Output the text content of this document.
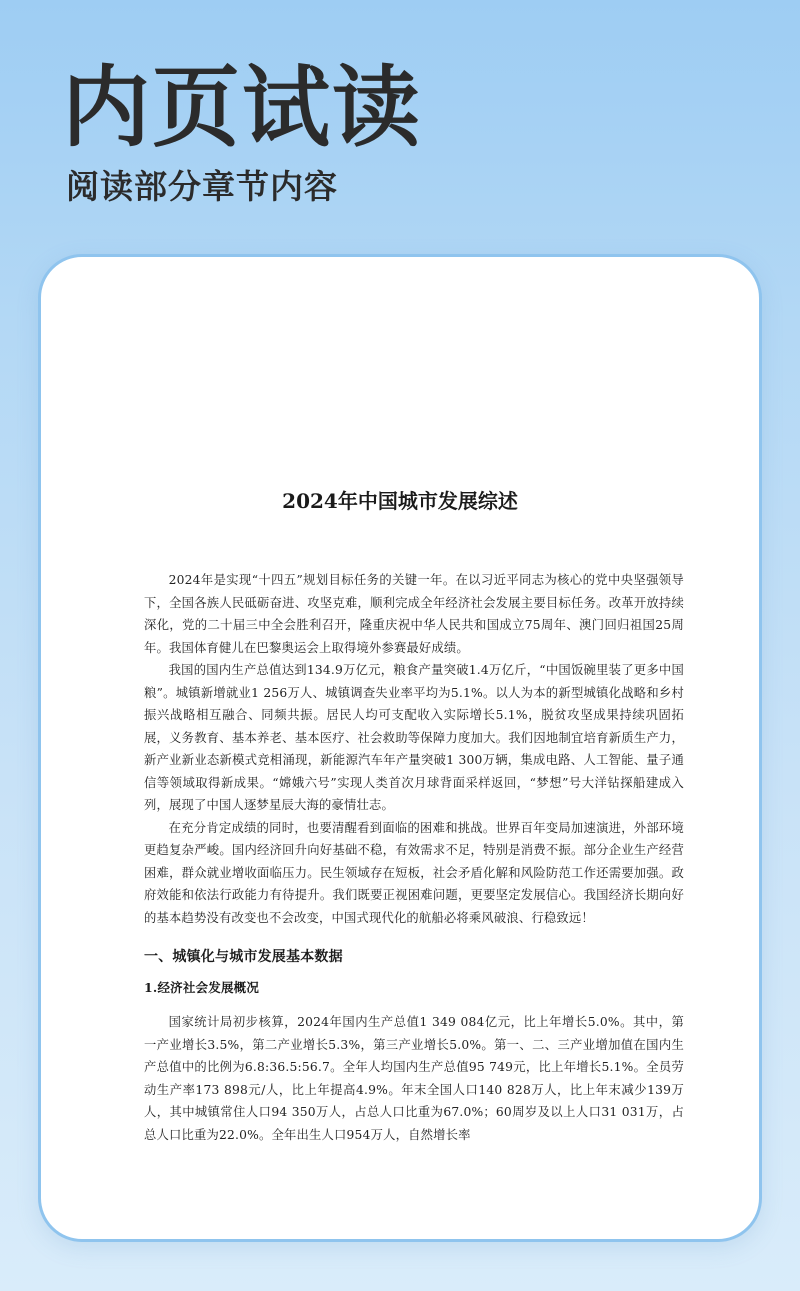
内页试读
阅读部分章节内容
2024年中国城市发展综述

2024年是实现“十四五”规划目标任务的关键一年。在以习近平同志为核心的党中央坚强领导下，全国各族人民砥砺奋进、攻坚克难，顺利完成全年经济社会发展主要目标任务。改革开放持续深化，党的二十届三中全会胜利召开，隆重庆祝中华人民共和国成立75周年、澳门回归祖国25周年。我国体育健儿在巴黎奥运会上取得境外参赛最好成绩。

我国的国内生产总值达到134.9万亿元，粮食产量突破1.4万亿斤，“中国饭碗里装了更多中国粮”。城镇新增就业1 256万人、城镇调查失业率平均为5.1%。以人为本的新型城镇化战略和乡村振兴战略相互融合、同频共振。居民人均可支配收入实际增长5.1%，脱贫攻坚成果持续巩固拓展，义务教育、基本养老、基本医疗、社会救助等保障力度加大。我们因地制宜培育新质生产力，新产业新业态新模式竞相涌现，新能源汽车年产量突破1 300万辆，集成电路、人工智能、量子通信等领域取得新成果。“嫦娥六号”实现人类首次月球背面采样返回，“梦想”号大洋钻探船建成入列，展现了中国人逐梦星辰大海的豪情壮志。

在充分肯定成绩的同时，也要清醒看到面临的困难和挑战。世界百年变局加速演进，外部环境更趋复杂严峻。国内经济回升向好基础不稳，有效需求不足，特别是消费不振。部分企业生产经营困难，群众就业增收面临压力。民生领域存在短板，社会矛盾化解和风险防范工作还需要加强。政府效能和依法行政能力有待提升。我们既要正视困难问题，更要坚定发展信心。我国经济长期向好的基本趋势没有改变也不会改变，中国式现代化的航船必将乘风破浪、行稳致远！

一、城镇化与城市发展基本数据
1.经济社会发展概况

国家统计局初步核算，2024年国内生产总值1 349 084亿元，比上年增长5.0%。其中，第一产业增长3.5%，第二产业增长5.3%，第三产业增长5.0%。第一、二、三产业增加值在国内生产总值中的比例为6.8:36.5:56.7。全年人均国内生产总值95 749元，比上年增长5.1%。全员劳动生产率173 898元/人，比上年提高4.9%。年末全国人口140 828万人，比上年末减少139万人，其中城镇常住人口94 350万人，占总人口比重为67.0%；60周岁及以上人口31 031万，占总人口比重为22.0%。全年出生人口954万人，自然增长率
